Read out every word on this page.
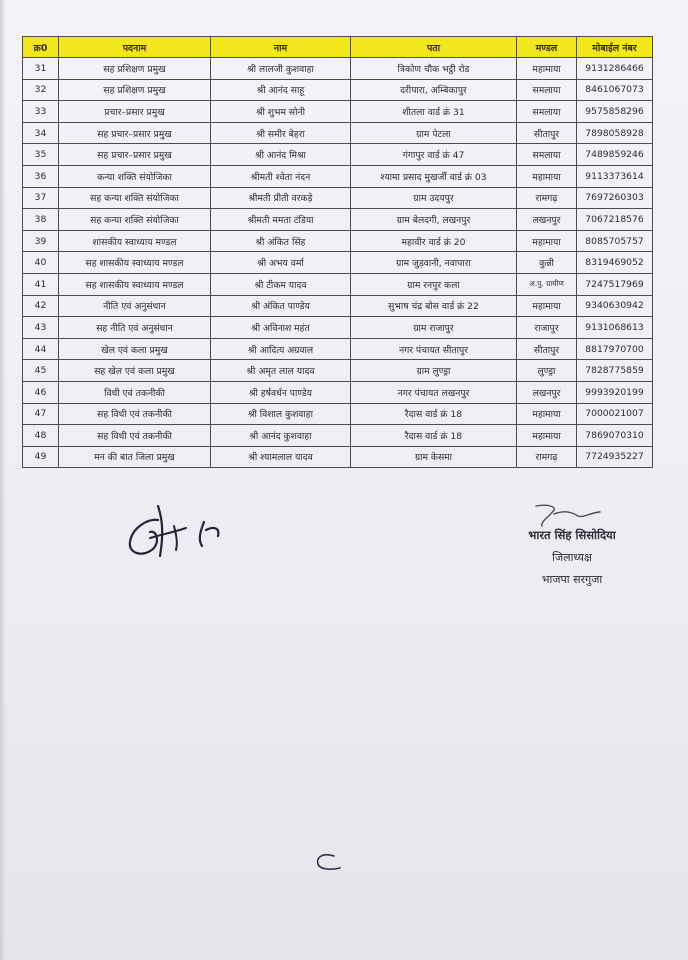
क्र0	पदनाम	नाम	पता	मण्डल	मोबाईल नंबर
31	सह प्रशिक्षण प्रमुख	श्री लालजी कुशवाहा	त्रिकोण चौक भट्ठी रोड	महामाया	9131286466
32	सह प्रशिक्षण प्रमुख	श्री आनंद साहू	दरीपारा, अम्बिकापुर	समलाया	8461067073
33	प्रचार–प्रसार प्रमुख	श्री शुभम सोनी	शीतला वार्ड क्रं 31	समलाया	9575858296
34	सह प्रचार–प्रसार प्रमुख	श्री समीर बेहरा	ग्राम पेटला	सीतापुर	7898058928
35	सह प्रचार–प्रसार प्रमुख	श्री आनंद मिश्रा	गंगापुर वार्ड क्रं 47	समलाया	7489859246
36	कन्या शक्ति संयोजिका	श्रीमती श्वेता नंदन	श्यामा प्रसाद मुखर्जी वार्ड क्रं 03	महामाया	9113373614
37	सह कन्या शक्ति संयोजिका	श्रीमती प्रीती वरकड़े	ग्राम उदयपुर	रामगढ़	7697260303
38	सह कन्या शक्ति संयोजिका	श्रीमती ममता टंडिया	ग्राम बेलदगी, लखनपुर	लखनपुर	7067218576
39	शासकीय स्वाध्याय मण्डल	श्री अंकित सिंह	महावीर वार्ड क्रं 20	महामाया	8085705757
40	सह शासकीय स्वाध्याय मण्डल	श्री अभय वर्मा	ग्राम जुड़वानी, नवापारा	कुन्नी	8319469052
41	सह शासकीय स्वाध्याय मण्डल	श्री टीकम यादव	ग्राम रनपुर कला	अ.पु. ग्रामीण	7247517969
42	नीति एवं अनुसंधान	श्री अंकित पाण्डेय	सुभाष चंद्र बोस वार्ड क्रं 22	महामाया	9340630942
43	सह नीति एवं अनुसंधान	श्री अविनाश महंत	ग्राम राजापुर	राजापुर	9131068613
44	खेल एवं कला प्रमुख	श्री आदित्य अग्रवाल	नगर पंचायत सीतापुर	सीतापुर	8817970700
45	सह खेल एवं कला प्रमुख	श्री अमृत लाल यादव	ग्राम लुण्ड्रा	लुण्ड्रा	7828775859
46	विधी एवं तकनीकी	श्री हर्षवर्धन पाण्डेय	नगर पंचायत लखनपुर	लखनपुर	9993920199
47	सह विधी एवं तकनीकी	श्री विशाल कुशवाहा	रैदास वार्ड क्रं 18	महामाया	7000021007
48	सह विधी एवं तकनीकी	श्री आनंद कुशवाहा	रैदास वार्ड क्रं 18	महामाया	7869070310
49	मन की बात जिला प्रमुख	श्री श्यामलाल यादव	ग्राम केसमा	रामगढ़	7724935227
भारत सिंह सिसोदिया
जिलाध्यक्ष
भाजपा सरगुजा
